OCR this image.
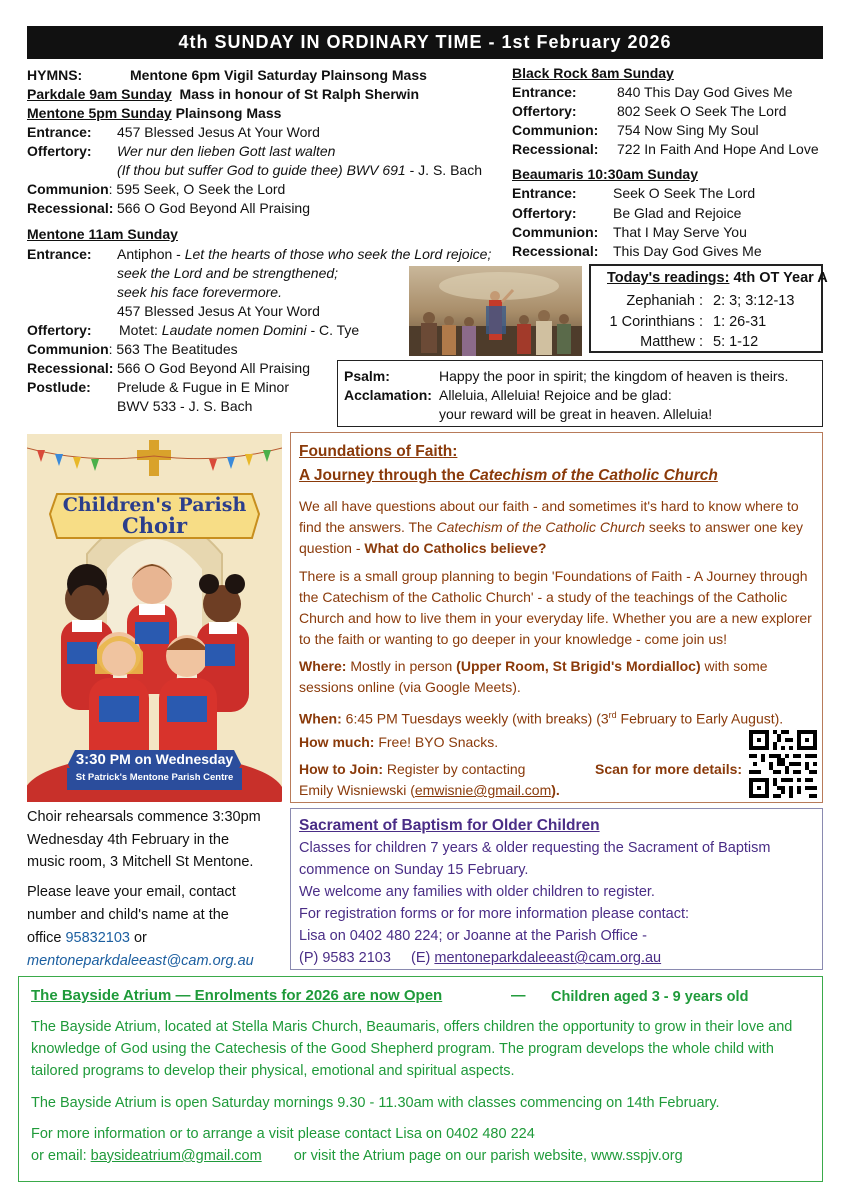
4th SUNDAY IN ORDINARY TIME - 1st February 2026
HYMNS:	Mentone 6pm Vigil Saturday Plainsong Mass
Parkdale 9am Sunday Mass in honour of St Ralph Sherwin
Mentone 5pm Sunday Plainsong Mass
Entrance: 457 Blessed Jesus At Your Word
Offertory: Wer nur den lieben Gott last walten
(If thou but suffer God to guide thee) BWV 691 - J. S. Bach
Communion: 595 Seek, O Seek the Lord
Recessional: 566 O God Beyond All Praising
Mentone 11am Sunday
Entrance: Antiphon - Let the hearts of those who seek the Lord rejoice;
seek the Lord and be strengthened;
seek his face forevermore.
457 Blessed Jesus At Your Word
Offertory: Motet: Laudate nomen Domini - C. Tye
Communion: 563 The Beatitudes
Recessional: 566 O God Beyond All Praising
Postlude: Prelude & Fugue in E Minor
BWV 533 - J. S. Bach
Black Rock 8am Sunday
Entrance:	840 This Day God Gives Me
Offertory:	802 Seek O Seek The Lord
Communion: 754 Now Sing My Soul
Recessional: 722 In Faith And Hope And Love
Beaumaris 10:30am Sunday
Entrance:	Seek O Seek The Lord
Offertory:	Be Glad and Rejoice
Communion: That I May Serve You
Recessional: This Day God Gives Me
Today's readings: 4th OT Year A
Zephaniah : 2: 3; 3:12-13
1 Corinthians : 1: 26-31
Matthew : 5: 1-12
Psalm:	Happy the poor in spirit; the kingdom of heaven is theirs.
Acclamation: Alleluia, Alleluia! Rejoice and be glad:
your reward will be great in heaven. Alleluia!
Children's Parish
Choir
3:30 PM on Wednesday
St Patrick's Mentone Parish Centre
Choir rehearsals commence 3:30pm
Wednesday 4th February in the
music room, 3 Mitchell St Mentone.
Please leave your email, contact
number and child's name at the
office 95832103 or
mentoneparkdaleeast@cam.org.au

Foundations of Faith:

A Journey through the Catechism of the Catholic Church

We all have questions about our faith - and sometimes it's hard to know where to find the answers. The Catechism of the Catholic Church seeks to answer one key question - What do Catholics believe?

There is a small group planning to begin 'Foundations of Faith - A Journey through the Catechism of the Catholic Church' - a study of the teachings of the Catholic Church and how to live them in your everyday life. Whether you are a new explorer to the faith or wanting to go deeper in your knowledge - come join us!

Where: Mostly in person (Upper Room, St Brigid's Mordialloc) with some sessions online (via Google Meets).

When: 6:45 PM Tuesdays weekly (with breaks) (3rd February to Early August).

How much: Free! BYO Snacks.

How to Join: Register by contacting	Scan for more details:

Emily Wisniewski (emwisnie@gmail.com).

Sacrament of Baptism for Older Children

Classes for children 7 years & older requesting the Sacrament of Baptism

commence on Sunday 15 February.

We welcome any families with older children to register.

For registration forms or for more information please contact:

Lisa on 0402 480 224; or Joanne at the Parish Office -

(P) 9583 2103     (E) mentoneparkdaleeast@cam.org.au

The Bayside Atrium — Enrolments for 2026 are now Open	—	Children aged 3 - 9 years old

The Bayside Atrium, located at Stella Maris Church, Beaumaris, offers children the opportunity to grow in their love and knowledge of God using the Catechesis of the Good Shepherd program. The program develops the whole child with tailored programs to develop their physical, emotional and spiritual aspects.

The Bayside Atrium is open Saturday mornings 9.30 - 11.30am with classes commencing on 14th February.

For more information or to arrange a visit please contact Lisa on 0402 480 224

or email: baysideatrium@gmail.com or visit the Atrium page on our parish website, www.sspjv.org
